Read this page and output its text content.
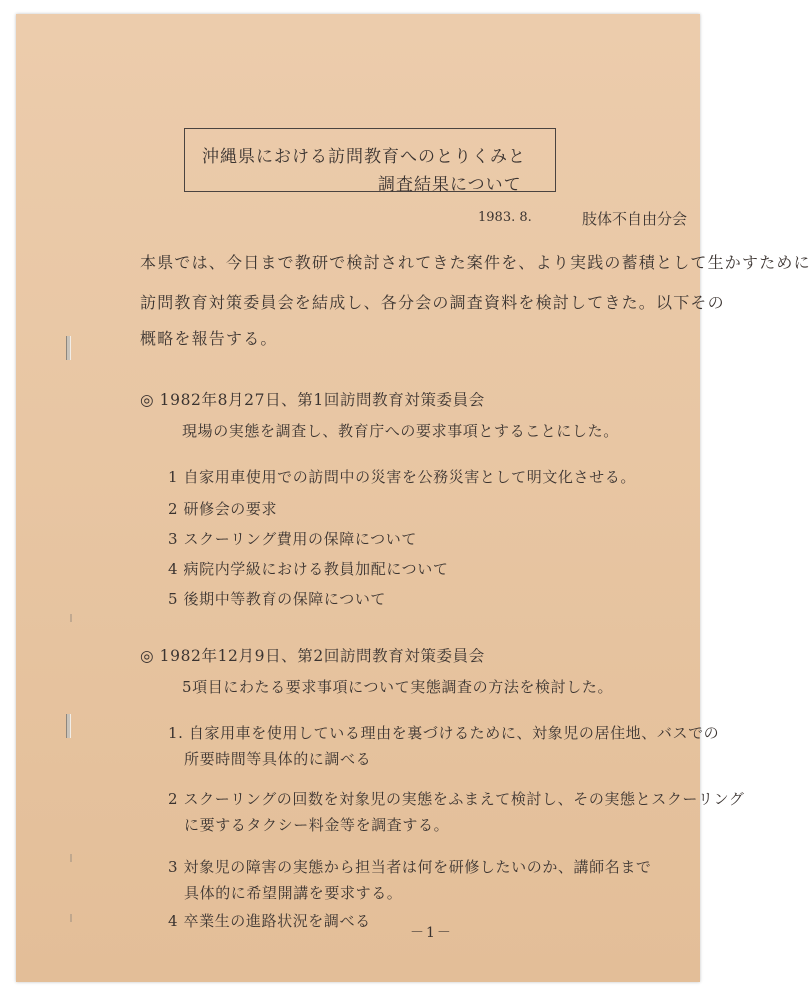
沖縄県における訪問教育へのとりくみと
調査結果について
1983. 8.	肢体不自由分会
本県では、今日まで教研で検討されてきた案件を、より実践の蓄積として生かすために
訪問教育対策委員会を結成し、各分会の調査資料を検討してきた。以下その
概略を報告する。
◎ 1982年8月27日、第1回訪問教育対策委員会
現場の実態を調査し、教育庁への要求事項とすることにした。
1 自家用車使用での訪問中の災害を公務災害として明文化させる。
2 研修会の要求
3 スクーリング費用の保障について
4 病院内学級における教員加配について
5 後期中等教育の保障について
◎ 1982年12月9日、第2回訪問教育対策委員会
5項目にわたる要求事項について実態調査の方法を検討した。
1. 自家用車を使用している理由を裏づけるために、対象児の居住地、バスでの
所要時間等具体的に調べる
2 スクーリングの回数を対象児の実態をふまえて検討し、その実態とスクーリング
に要するタクシー料金等を調査する。
3 対象児の障害の実態から担当者は何を研修したいのか、講師名まで
具体的に希望開講を要求する。
4 卒業生の進路状況を調べる
－1－
